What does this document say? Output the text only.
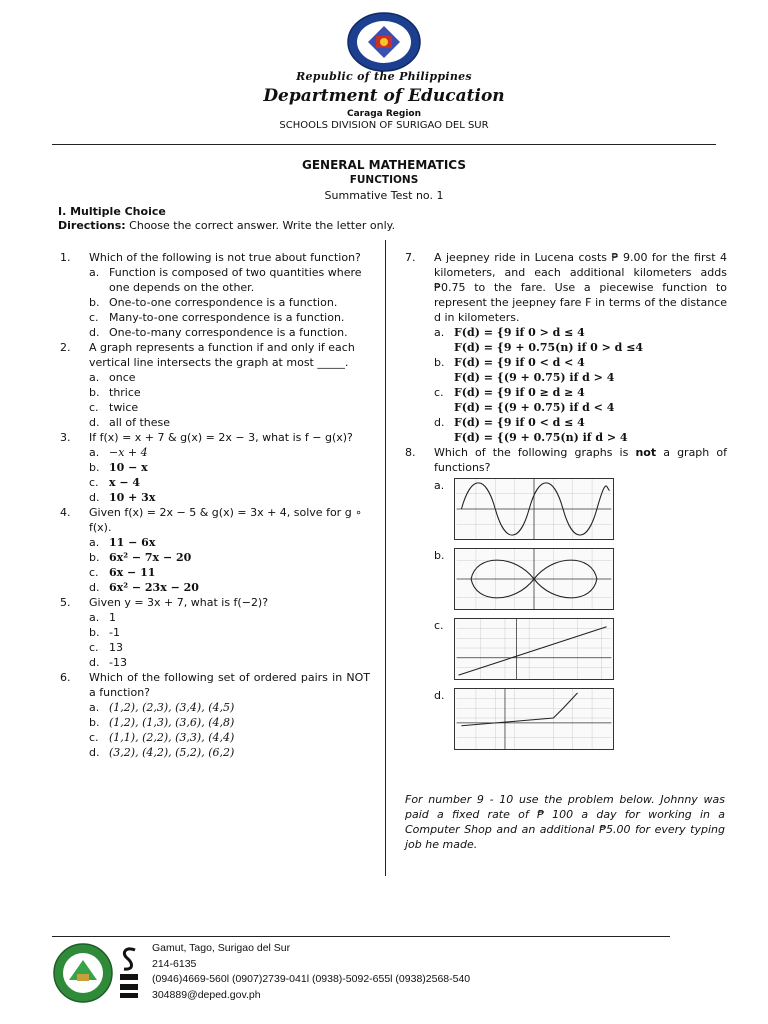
Republic of the Philippines
Department of Education
Caraga Region
SCHOOLS DIVISION OF SURIGAO DEL SUR
GENERAL MATHEMATICS
FUNCTIONS
Summative Test no. 1
I. Multiple Choice
Directions: Choose the correct answer. Write the letter only.
1.	Which of the following is not true about function?
a. Function is composed of two quantities where one depends on the other.
b. One-to-one correspondence is a function.
c. Many-to-one correspondence is a function.
d. One-to-many correspondence is a function.
2.	A graph represents a function if and only if each vertical line intersects the graph at most _____.
a. once
b. thrice
c. twice
d. all of these
3.	If f(x) = x + 7 & g(x) = 2x − 3, what is f − g(x)?
a. −x + 4
b. 10 − x
c. x − 4
d. 10 + 3x
4.	Given f(x) = 2x − 5 & g(x) = 3x + 4, solve for g ∘ f(x).
a. 11 − 6x
b. 6x² − 7x − 20
c. 6x − 11
d. 6x² − 23x − 20
5.	Given y = 3x + 7, what is f(−2)?
a. 1
b. -1
c. 13
d. -13
6.	Which of the following set of ordered pairs in NOT a function?
a. (1,2), (2,3), (3,4), (4,5)
b. (1,2), (1,3), (3,6), (4,8)
c. (1,1), (2,2), (3,3), (4,4)
d. (3,2), (4,2), (5,2), (6,2)
7.	A jeepney ride in Lucena costs ₱ 9.00 for the first 4 kilometers, and each additional kilometers adds ₱0.75 to the fare. Use a piecewise function to represent the jeepney fare F in terms of the distance d in kilometers.
a. F(d) = {9 if 0 > d ≤ 4
F(d) = {9 + 0.75(n) if 0 > d ≤4
b. F(d) = {9 if 0 < d < 4
F(d) = {(9 + 0.75) if d > 4
c. F(d) = {9 if 0 ≥ d ≥ 4
F(d) = {(9 + 0.75) if d < 4
d. F(d) = {9 if 0 < d ≤ 4
F(d) = {(9 + 0.75(n) if d > 4
8.	Which of the following graphs is not a graph of functions?
a.
b.
c.
d.
For number 9 - 10 use the problem below. Johnny was paid a fixed rate of ₱ 100 a day for working in a Computer Shop and an additional ₱5.00 for every typing job he made.
Gamut, Tago, Surigao del Sur
214-6135
(0946)4669-560l (0907)2739-041l (0938)-5092-655l (0938)2568-540
304889@deped.gov.ph
